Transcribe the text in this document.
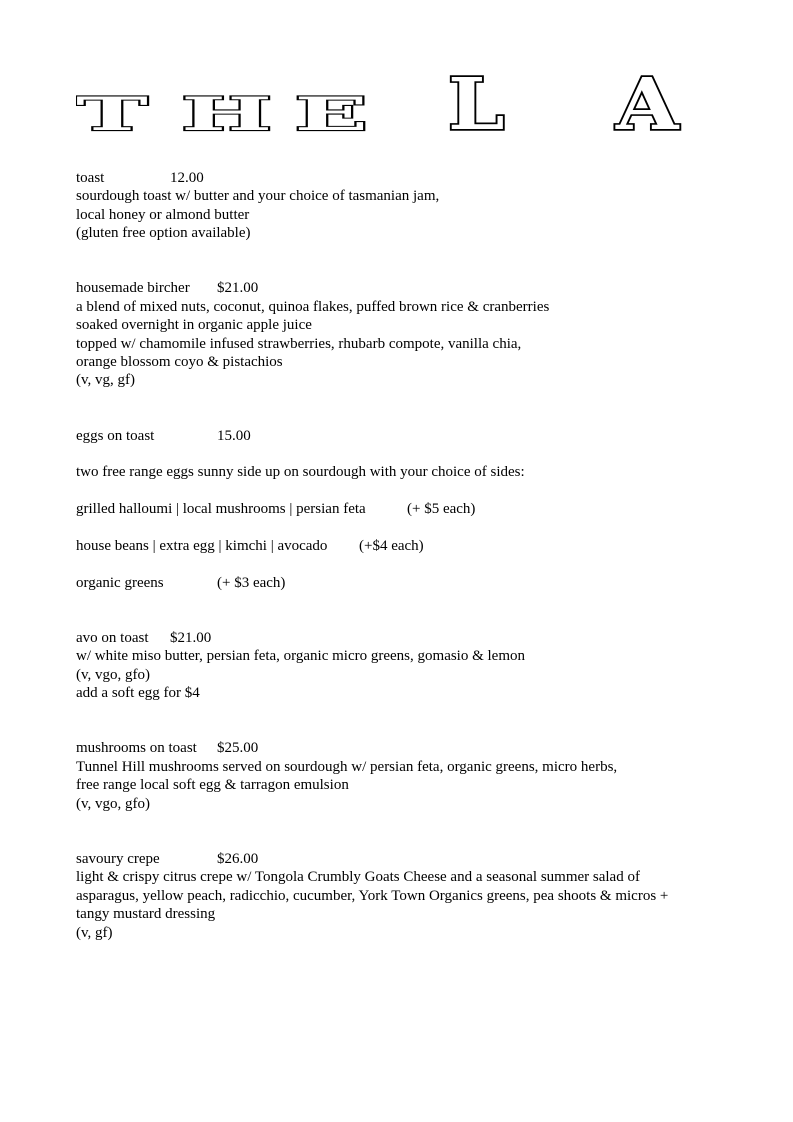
T H E L A
toast	12.00
sourdough toast w/ butter and your choice of tasmanian jam,
local honey or almond butter
(gluten free option available)
housemade bircher $21.00
a blend of mixed nuts, coconut, quinoa flakes, puffed brown rice & cranberries
soaked overnight in organic apple juice
topped w/ chamomile infused strawberries, rhubarb compote, vanilla chia,
orange blossom coyo & pistachios
(v, vg, gf)
eggs on toast	15.00
two free range eggs sunny side up on sourdough with your choice of sides:
grilled halloumi | local mushrooms | persian feta	(+ $5 each)
house beans | extra egg | kimchi | avocado (+$4 each)
organic greens	(+ $3 each)
avo on toast $21.00
w/ white miso butter, persian feta, organic micro greens, gomasio & lemon
(v, vgo, gfo)
add a soft egg for $4
mushrooms on toast $25.00
Tunnel Hill mushrooms served on sourdough w/ persian feta, organic greens, micro herbs,
free range local soft egg & tarragon emulsion
(v, vgo, gfo)
savoury crepe	$26.00
light & crispy citrus crepe w/ Tongola Crumbly Goats Cheese and a seasonal summer salad of
asparagus, yellow peach, radicchio, cucumber, York Town Organics greens, pea shoots & micros +
tangy mustard dressing
(v, gf)
